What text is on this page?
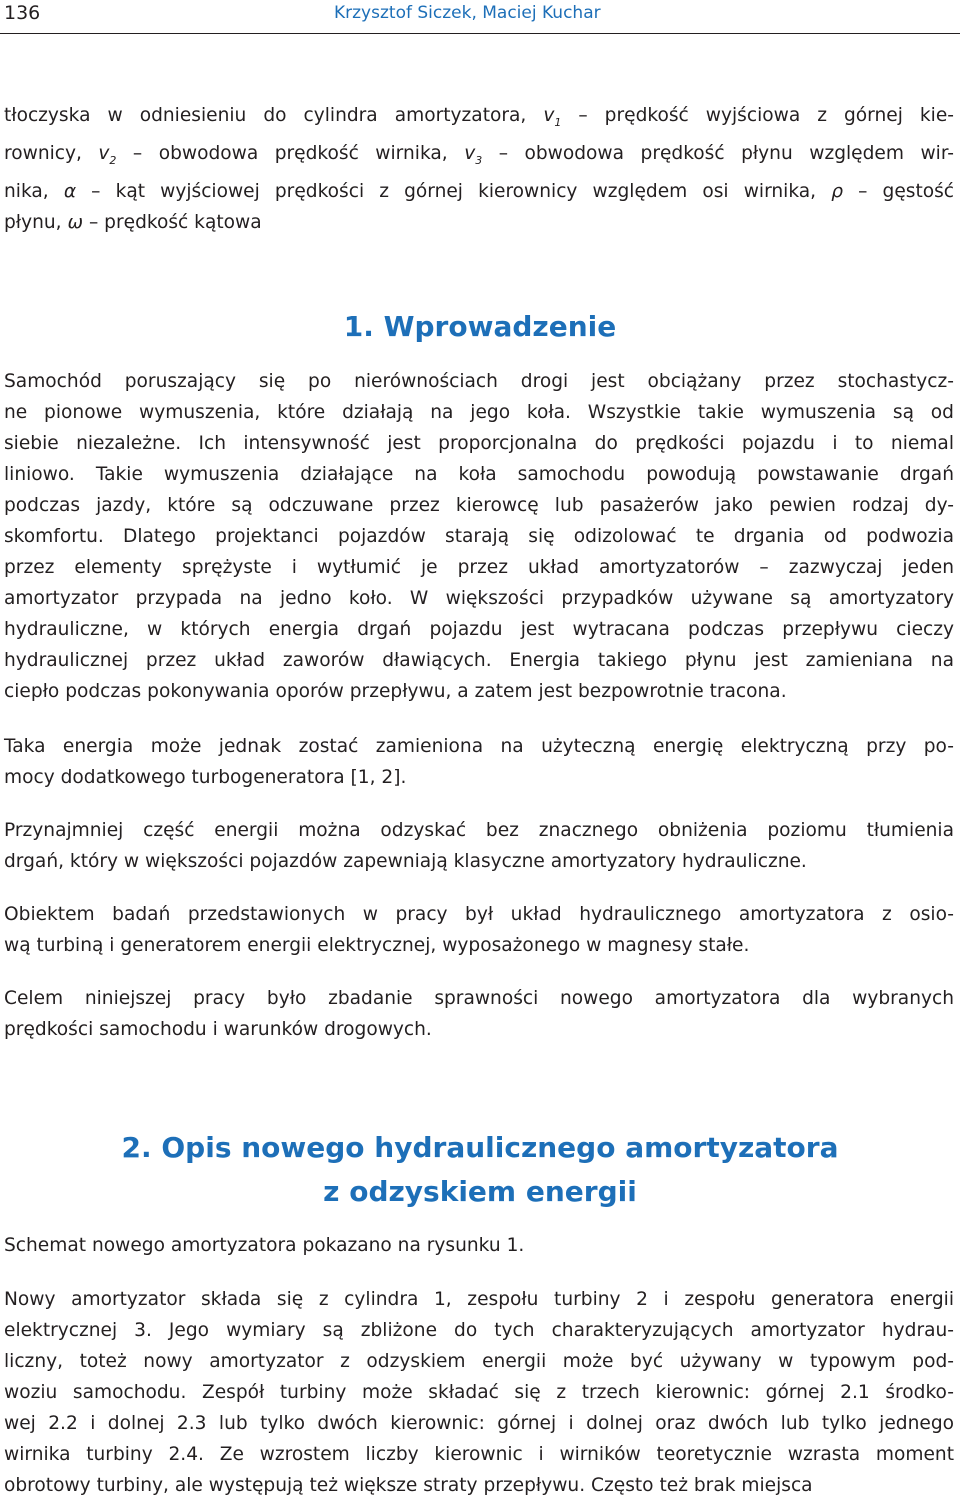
136	Krzysztof Siczek, Maciej Kuchar
tłoczyska w odniesieniu do cylindra amortyzatora, $v_1$ – prędkość wyjściowa z górnej kie-
rownicy, $v_2$ – obwodowa prędkość wirnika, $v_3$ – obwodowa prędkość płynu względem wir-
nika, α – kąt wyjściowej prędkości z górnej kierownicy względem osi wirnika, ρ – gęstość
płynu, ω – prędkość kątowa
1. Wprowadzenie
Samochód poruszający się po nierównościach drogi jest obciążany przez stochastycz-
ne pionowe wymuszenia, które działają na jego koła. Wszystkie takie wymuszenia są od
siebie niezależne. Ich intensywność jest proporcjonalna do prędkości pojazdu i to niemal
liniowo. Takie wymuszenia działające na koła samochodu powodują powstawanie drgań
podczas jazdy, które są odczuwane przez kierowcę lub pasażerów jako pewien rodzaj dy-
skomfortu. Dlatego projektanci pojazdów starają się odizolować te drgania od podwozia
przez elementy sprężyste i wytłumić je przez układ amortyzatorów – zazwyczaj jeden
amortyzator przypada na jedno koło. W większości przypadków używane są amortyzatory
hydrauliczne, w których energia drgań pojazdu jest wytracana podczas przepływu cieczy
hydraulicznej przez układ zaworów dławiących. Energia takiego płynu jest zamieniana na
ciepło podczas pokonywania oporów przepływu, a zatem jest bezpowrotnie tracona.
Taka energia może jednak zostać zamieniona na użyteczną energię elektryczną przy po-
mocy dodatkowego turbogeneratora [1, 2].
Przynajmniej część energii można odzyskać bez znacznego obniżenia poziomu tłumienia
drgań, który w większości pojazdów zapewniają klasyczne amortyzatory hydrauliczne.
Obiektem badań przedstawionych w pracy był układ hydraulicznego amortyzatora z osio-
wą turbiną i generatorem energii elektrycznej, wyposażonego w magnesy stałe.
Celem niniejszej pracy było zbadanie sprawności nowego amortyzatora dla wybranych
prędkości samochodu i warunków drogowych.
2. Opis nowego hydraulicznego amortyzatora
z odzyskiem energii
Schemat nowego amortyzatora pokazano na rysunku 1.
Nowy amortyzator składa się z cylindra 1, zespołu turbiny 2 i zespołu generatora energii
elektrycznej 3. Jego wymiary są zbliżone do tych charakteryzujących amortyzator hydrau-
liczny, toteż nowy amortyzator z odzyskiem energii może być używany w typowym pod-
woziu samochodu. Zespół turbiny może składać się z trzech kierownic: górnej 2.1 środko-
wej 2.2 i dolnej 2.3 lub tylko dwóch kierownic: górnej i dolnej oraz dwóch lub tylko jednego
wirnika turbiny 2.4. Ze wzrostem liczby kierownic i wirników teoretycznie wzrasta moment
obrotowy turbiny, ale występują też większe straty przepływu. Często też brak miejsca
